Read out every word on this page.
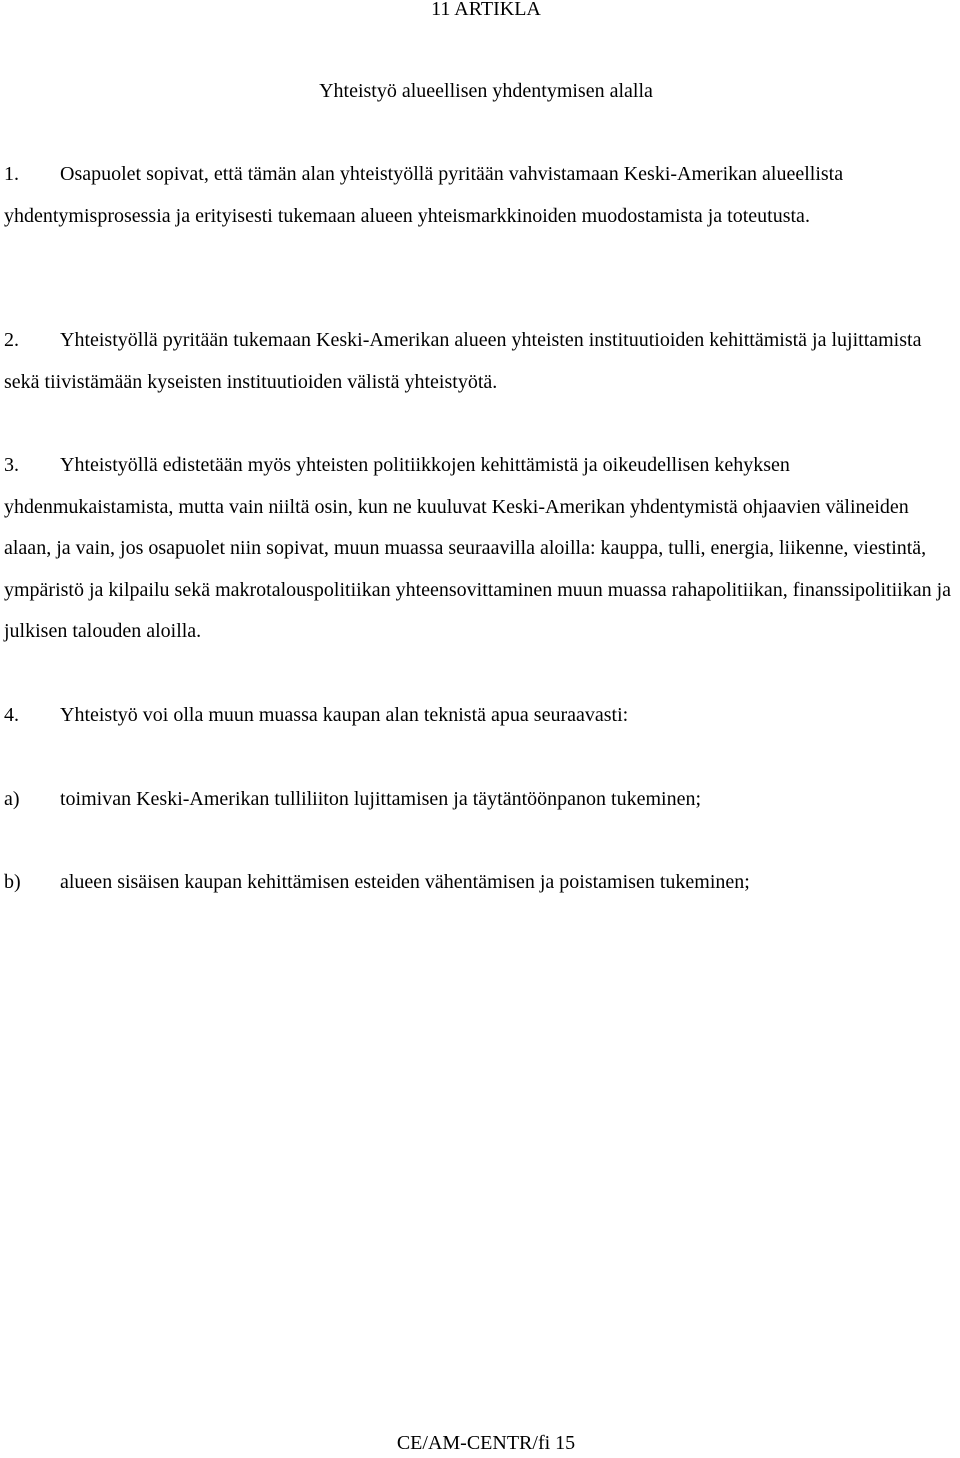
11 ARTIKLA
Yhteistyö alueellisen yhdentymisen alalla

1. Osapuolet sopivat, että tämän alan yhteistyöllä pyritään vahvistamaan Keski-Amerikan alueellista yhdentymisprosessia ja erityisesti tukemaan alueen yhteismarkkinoiden muodostamista ja toteutusta.

2. Yhteistyöllä pyritään tukemaan Keski-Amerikan alueen yhteisten instituutioiden kehittämistä ja lujittamista sekä tiivistämään kyseisten instituutioiden välistä yhteistyötä.

3. Yhteistyöllä edistetään myös yhteisten politiikkojen kehittämistä ja oikeudellisen kehyksen yhdenmukaistamista, mutta vain niiltä osin, kun ne kuuluvat Keski-Amerikan yhdentymistä ohjaavien välineiden alaan, ja vain, jos osapuolet niin sopivat, muun muassa seuraavilla aloilla: kauppa, tulli, energia, liikenne, viestintä, ympäristö ja kilpailu sekä makrotalouspolitiikan yhteensovittaminen muun muassa rahapolitiikan, finanssipolitiikan ja julkisen talouden aloilla.

4. Yhteistyö voi olla muun muassa kaupan alan teknistä apua seuraavasti:

a) toimivan Keski-Amerikan tulliliiton lujittamisen ja täytäntöönpanon tukeminen;
b) alueen sisäisen kaupan kehittämisen esteiden vähentämisen ja poistamisen tukeminen;
CE/AM-CENTR/fi 15
